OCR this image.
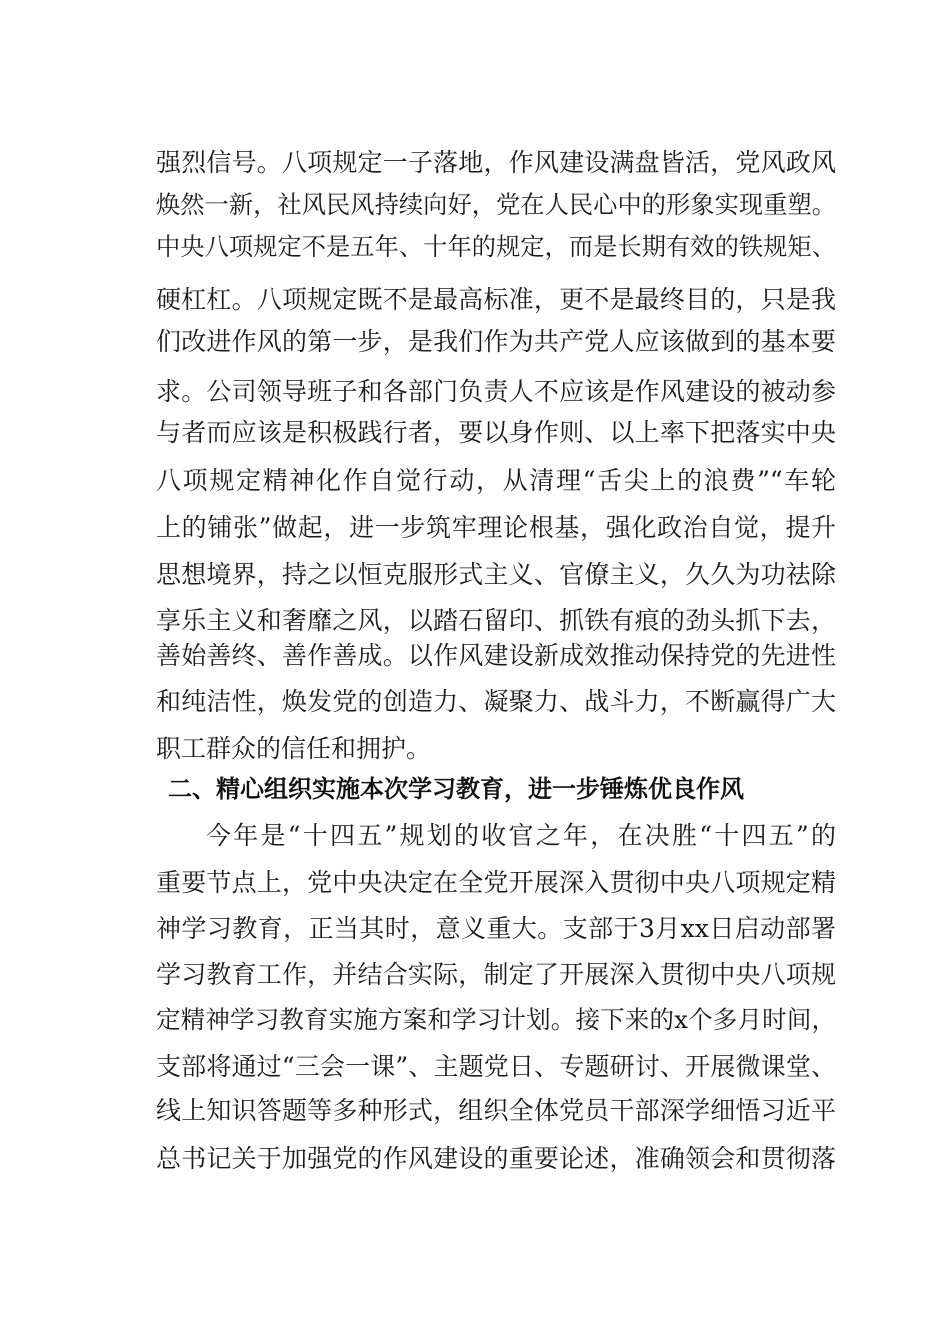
强烈信号。八项规定一子落地，作风建设满盘皆活，党风政风
焕然一新，社风民风持续向好，党在人民心中的形象实现重塑。
中央八项规定不是五年、十年的规定，而是长期有效的铁规矩、
硬杠杠。八项规定既不是最高标准，更不是最终目的，只是我
们改进作风的第一步，是我们作为共产党人应该做到的基本要
求。公司领导班子和各部门负责人不应该是作风建设的被动参
与者而应该是积极践行者，要以身作则、以上率下把落实中央
八项规定精神化作自觉行动，从清理“舌尖上的浪费”“车轮
上的铺张”做起，进一步筑牢理论根基，强化政治自觉，提升
思想境界，持之以恒克服形式主义、官僚主义，久久为功祛除
享乐主义和奢靡之风，以踏石留印、抓铁有痕的劲头抓下去，
善始善终、善作善成。以作风建设新成效推动保持党的先进性
和纯洁性，焕发党的创造力、凝聚力、战斗力，不断赢得广大
职工群众的信任和拥护。
二、精心组织实施本次学习教育，进一步锤炼优良作风
今年是“十四五”规划的收官之年，在决胜“十四五”的
重要节点上，党中央决定在全党开展深入贯彻中央八项规定精
神学习教育，正当其时，意义重大。支部于3月xx日启动部署
学习教育工作，并结合实际，制定了开展深入贯彻中央八项规
定精神学习教育实施方案和学习计划。接下来的x个多月时间，
支部将通过“三会一课”、主题党日、专题研讨、开展微课堂、
线上知识答题等多种形式，组织全体党员干部深学细悟习近平
总书记关于加强党的作风建设的重要论述，准确领会和贯彻落
